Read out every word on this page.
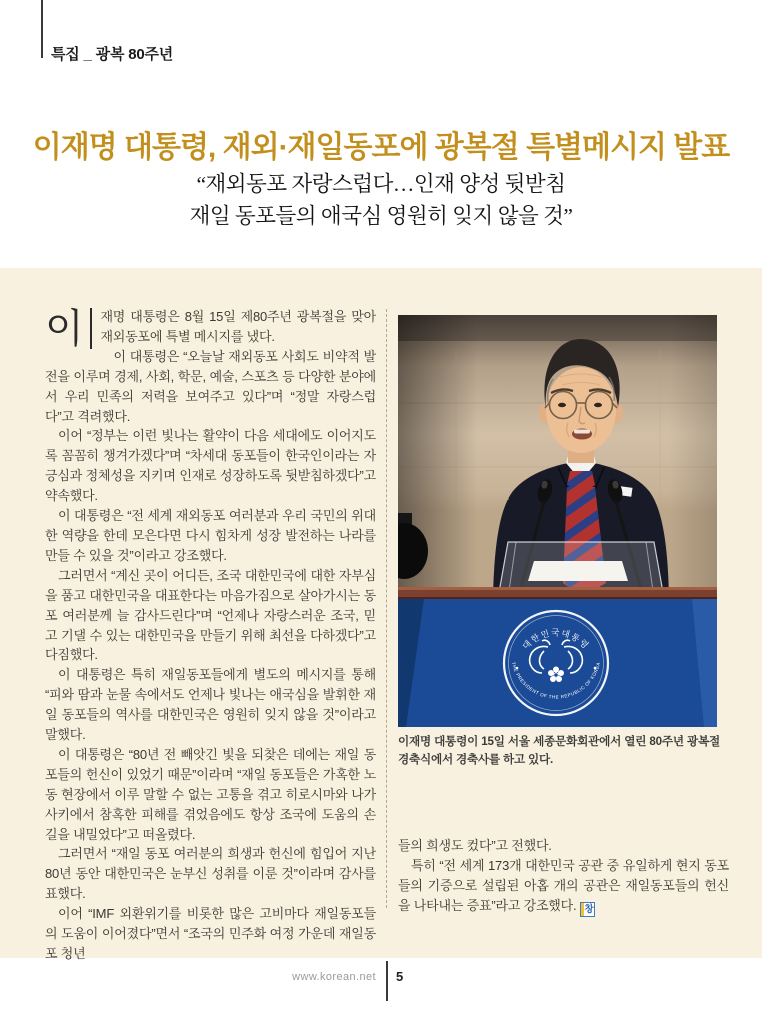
특집 _ 광복 80주년
이재명 대통령, 재외·재일동포에 광복절 특별메시지 발표
“재외동포 자랑스럽다…인재 양성 뒷받침
재일 동포들의 애국심 영원히 잊지 않을 것”

이	재명 대통령은 8월 15일 제80주년 광복절을 맞아 재외동포에 특별 메시지를 냈다.

이 대통령은 “오늘날 재외동포 사회도 비약적 발전을 이루며 경제, 사회, 학문, 예술, 스포츠 등 다양한 분야에서 우리 민족의 저력을 보여주고 있다”며 “정말 자랑스럽다”고 격려했다.

이어 “정부는 이런 빛나는 활약이 다음 세대에도 이어지도록 꼼꼼히 챙겨가겠다”며 “차세대 동포들이 한국인이라는 자긍심과 정체성을 지키며 인재로 성장하도록 뒷받침하겠다”고 약속했다.

이 대통령은 “전 세계 재외동포 여러분과 우리 국민의 위대한 역량을 한데 모은다면 다시 힘차게 성장 발전하는 나라를 만들 수 있을 것”이라고 강조했다.

그러면서 “계신 곳이 어디든, 조국 대한민국에 대한 자부심을 품고 대한민국을 대표한다는 마음가짐으로 살아가시는 동포 여러분께 늘 감사드린다”며 “언제나 자랑스러운 조국, 믿고 기댈 수 있는 대한민국을 만들기 위해 최선을 다하겠다”고 다짐했다.

이 대통령은 특히 재일동포들에게 별도의 메시지를 통해 “피와 땀과 눈물 속에서도 언제나 빛나는 애국심을 발휘한 재일 동포들의 역사를 대한민국은 영원히 잊지 않을 것”이라고 말했다.

이 대통령은 “80년 전 빼앗긴 빛을 되찾은 데에는 재일 동포들의 헌신이 있었기 때문”이라며 “재일 동포들은 가혹한 노동 현장에서 이루 말할 수 없는 고통을 겪고 히로시마와 나가사키에서 참혹한 피해를 겪었음에도 항상 조국에 도움의 손길을 내밀었다”고 떠올렸다.

그러면서 “재일 동포 여러분의 희생과 헌신에 힘입어 지난 80년 동안 대한민국은 눈부신 성취를 이룬 것”이라며 감사를 표했다.

이어 “IMF 외환위기를 비롯한 많은 고비마다 재일동포들의 도움이 이어졌다”면서 “조국의 민주화 여정 가운데 재일동포 청년

대한민국대통령
THE PRESIDENT OF THE REPUBLIC OF KOREA
이재명 대통령이 15일 서울 세종문화회관에서 열린 80주년 광복절 경축식에서 경축사를 하고 있다.

들의 희생도 컸다”고 전했다.

특히 “전 세계 173개 대한민국 공관 중 유일하게 현지 동포들의 기증으로 설립된 아홉 개의 공관은 재일동포들의 헌신을 나타내는 증표”라고 강조했다. 창

www.korean.net 5
